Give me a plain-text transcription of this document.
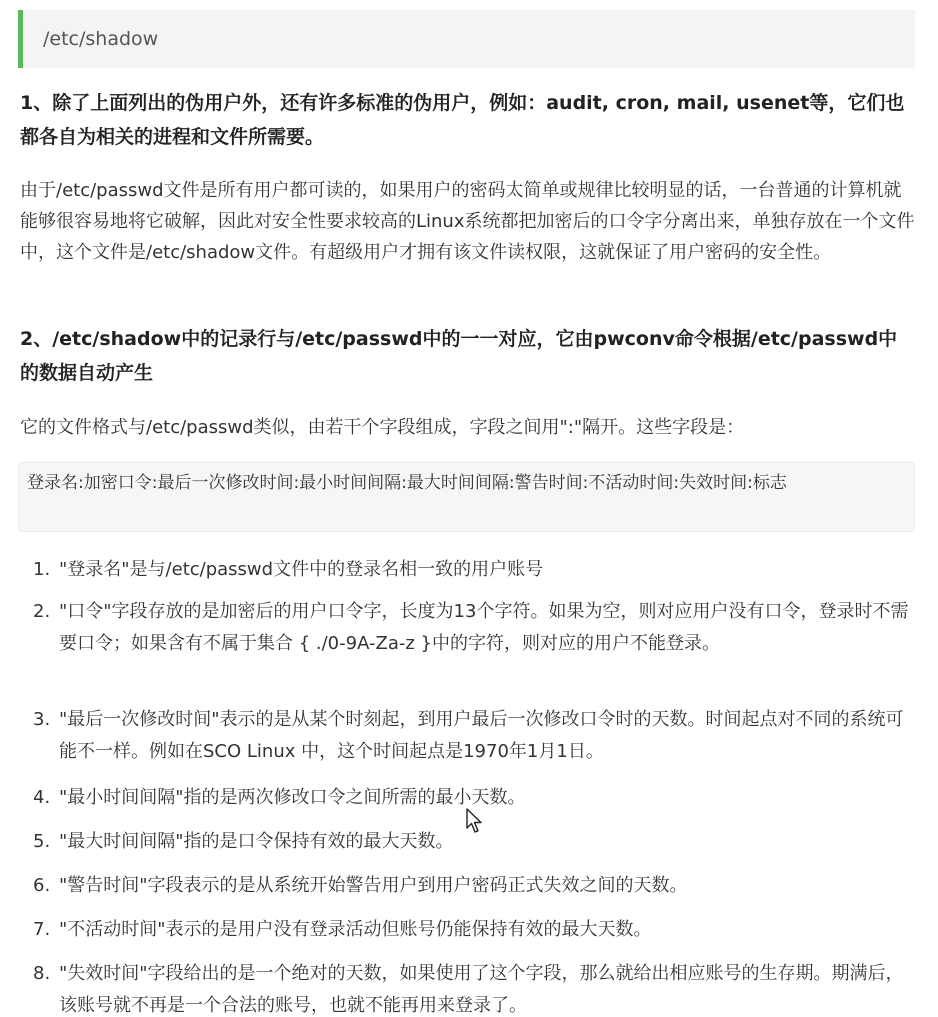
/etc/shadow
1、除了上面列出的伪用户外，还有许多标准的伪用户，例如：audit, cron, mail, usenet等，它们也都各自为相关的进程和文件所需要。
由于/etc/passwd文件是所有用户都可读的，如果用户的密码太简单或规律比较明显的话，一台普通的计算机就能够很容易地将它破解，因此对安全性要求较高的Linux系统都把加密后的口令字分离出来，单独存放在一个文件中，这个文件是/etc/shadow文件。有超级用户才拥有该文件读权限，这就保证了用户密码的安全性。
2、/etc/shadow中的记录行与/etc/passwd中的一一对应，它由pwconv命令根据/etc/passwd中的数据自动产生
它的文件格式与/etc/passwd类似，由若干个字段组成，字段之间用":"隔开。这些字段是：
登录名:加密口令:最后一次修改时间:最小时间间隔:最大时间间隔:警告时间:不活动时间:失效时间:标志
1. "登录名"是与/etc/passwd文件中的登录名相一致的用户账号
2. "口令"字段存放的是加密后的用户口令字，长度为13个字符。如果为空，则对应用户没有口令，登录时不需要口令；如果含有不属于集合 { ./0-9A-Za-z }中的字符，则对应的用户不能登录。
3. "最后一次修改时间"表示的是从某个时刻起，到用户最后一次修改口令时的天数。时间起点对不同的系统可能不一样。例如在SCO Linux 中，这个时间起点是1970年1月1日。
4. "最小时间间隔"指的是两次修改口令之间所需的最小天数。
5. "最大时间间隔"指的是口令保持有效的最大天数。
6. "警告时间"字段表示的是从系统开始警告用户到用户密码正式失效之间的天数。
7. "不活动时间"表示的是用户没有登录活动但账号仍能保持有效的最大天数。
8. "失效时间"字段给出的是一个绝对的天数，如果使用了这个字段，那么就给出相应账号的生存期。期满后，该账号就不再是一个合法的账号，也就不能再用来登录了。
